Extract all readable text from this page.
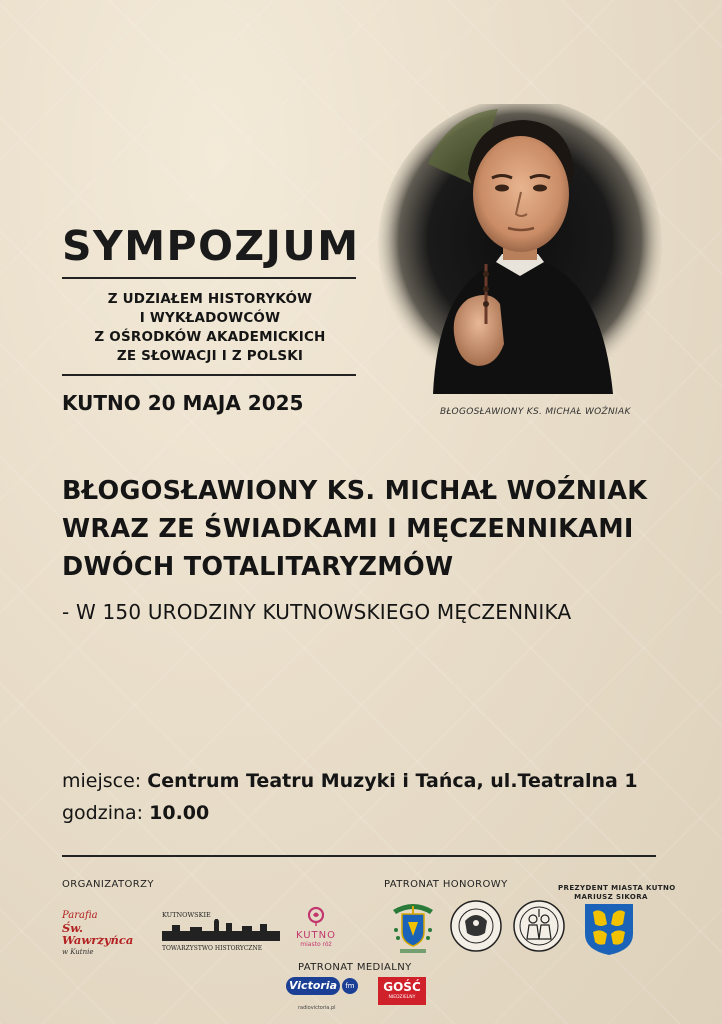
SYMPOZJUM
Z UDZIAŁEM HISTORYKÓW
I WYKŁADOWCÓW
Z OŚRODKÓW AKADEMICKICH
ZE SŁOWACJI I Z POLSKI
KUTNO 20 MAJA 2025	BŁOGOSŁAWIONY KS. MICHAŁ WOŹNIAK
BŁOGOSŁAWIONY KS. MICHAŁ WOŹNIAK
WRAZ ZE ŚWIADKAMI I MĘCZENNIKAMI
DWÓCH TOTALITARYZMÓW
- W 150 URODZINY KUTNOWSKIEGO MĘCZENNIKA
miejsce: Centrum Teatru Muzyki i Tańca, ul.Teatralna 1
godzina: 10.00
ORGANIZATORZY	PATRONAT HONOROWY	PREZYDENT MIASTA KUTNO
MARIUSZ SIKORA
Parafia
Św. Wawrzyńca
w Kutnie
KUTNOWSKIE
TOWARZYSTWO HISTORYCZNE
KUTNO
miasto róż
PATRONAT MEDIALNY
Victoria	fm
radiovictoria.pl
GOŚĆ
NIEDZIELNY
